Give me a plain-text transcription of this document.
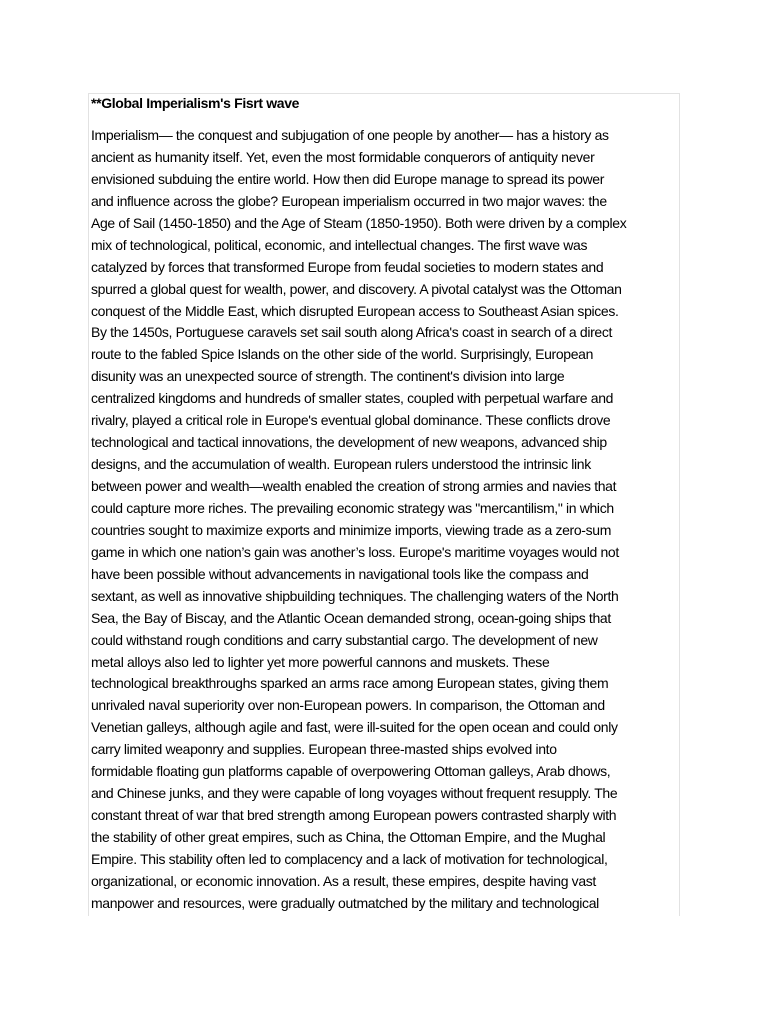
**Global Imperialism's Fisrt wave

Imperialism— the conquest and subjugation of one people by another— has a history as
ancient as humanity itself. Yet, even the most formidable conquerors of antiquity never
envisioned subduing the entire world. How then did Europe manage to spread its power
and influence across the globe? European imperialism occurred in two major waves: the
Age of Sail (1450-1850) and the Age of Steam (1850-1950). Both were driven by a complex
mix of technological, political, economic, and intellectual changes. The first wave was
catalyzed by forces that transformed Europe from feudal societies to modern states and
spurred a global quest for wealth, power, and discovery. A pivotal catalyst was the Ottoman
conquest of the Middle East, which disrupted European access to Southeast Asian spices.
By the 1450s, Portuguese caravels set sail south along Africa's coast in search of a direct
route to the fabled Spice Islands on the other side of the world. Surprisingly, European
disunity was an unexpected source of strength. The continent's division into large
centralized kingdoms and hundreds of smaller states, coupled with perpetual warfare and
rivalry, played a critical role in Europe's eventual global dominance. These conflicts drove
technological and tactical innovations, the development of new weapons, advanced ship
designs, and the accumulation of wealth. European rulers understood the intrinsic link
between power and wealth—wealth enabled the creation of strong armies and navies that
could capture more riches. The prevailing economic strategy was "mercantilism," in which
countries sought to maximize exports and minimize imports, viewing trade as a zero-sum
game in which one nation’s gain was another’s loss. Europe's maritime voyages would not
have been possible without advancements in navigational tools like the compass and
sextant, as well as innovative shipbuilding techniques. The challenging waters of the North
Sea, the Bay of Biscay, and the Atlantic Ocean demanded strong, ocean-going ships that
could withstand rough conditions and carry substantial cargo. The development of new
metal alloys also led to lighter yet more powerful cannons and muskets. These
technological breakthroughs sparked an arms race among European states, giving them
unrivaled naval superiority over non-European powers. In comparison, the Ottoman and
Venetian galleys, although agile and fast, were ill-suited for the open ocean and could only
carry limited weaponry and supplies. European three-masted ships evolved into
formidable floating gun platforms capable of overpowering Ottoman galleys, Arab dhows,
and Chinese junks, and they were capable of long voyages without frequent resupply. The
constant threat of war that bred strength among European powers contrasted sharply with
the stability of other great empires, such as China, the Ottoman Empire, and the Mughal
Empire. This stability often led to complacency and a lack of motivation for technological,
organizational, or economic innovation. As a result, these empires, despite having vast
manpower and resources, were gradually outmatched by the military and technological
